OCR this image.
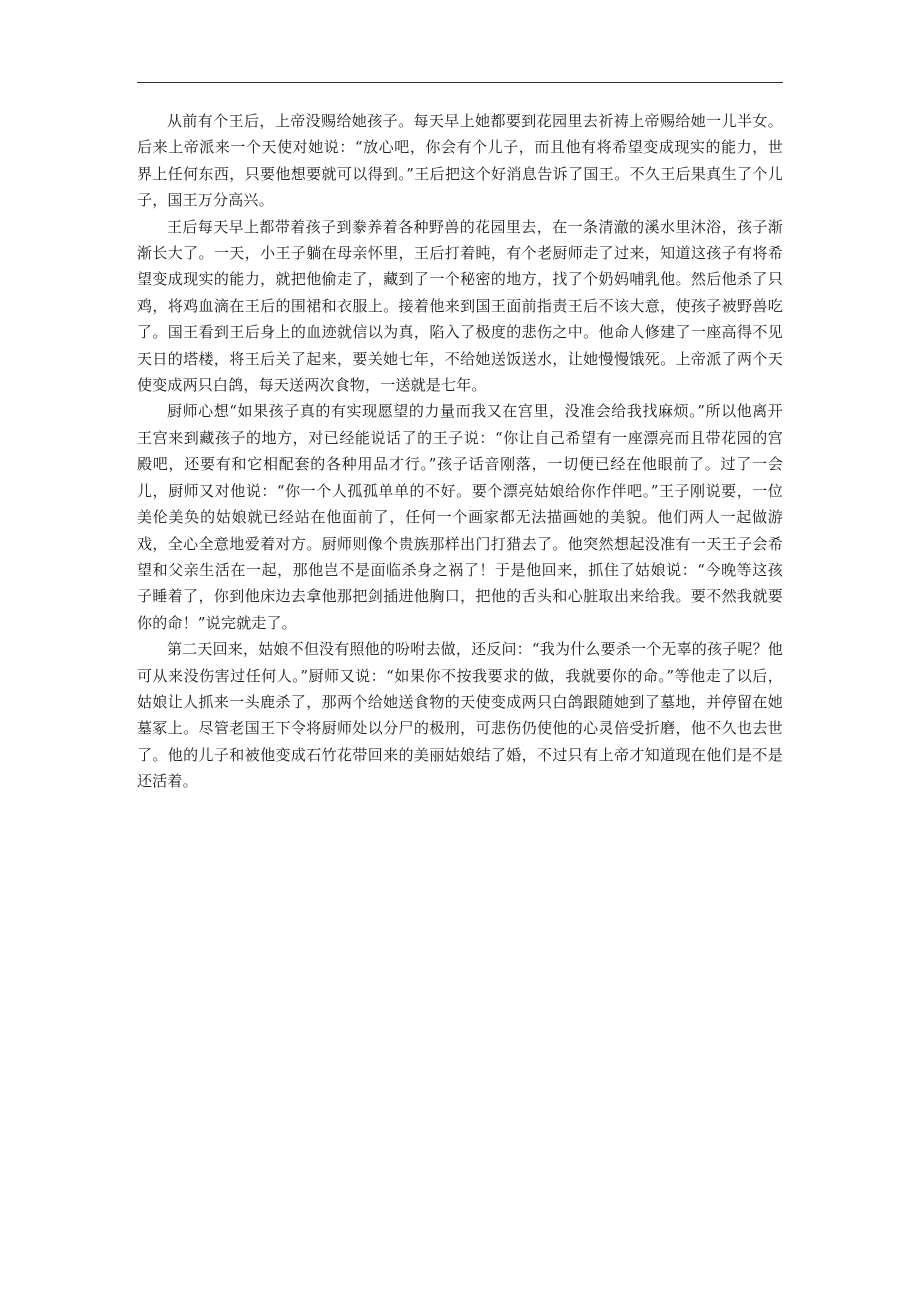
从前有个王后，上帝没赐给她孩子。每天早上她都要到花园里去祈祷上帝赐给她一儿半女。后来上帝派来一个天使对她说：“放心吧，你会有个儿子，而且他有将希望变成现实的能力，世界上任何东西，只要他想要就可以得到。”王后把这个好消息告诉了国王。不久王后果真生了个儿子，国王万分高兴。

王后每天早上都带着孩子到豢养着各种野兽的花园里去，在一条清澈的溪水里沐浴，孩子渐渐长大了。一天，小王子躺在母亲怀里，王后打着盹，有个老厨师走了过来，知道这孩子有将希望变成现实的能力，就把他偷走了，藏到了一个秘密的地方，找了个奶妈哺乳他。然后他杀了只鸡，将鸡血滴在王后的围裙和衣服上。接着他来到国王面前指责王后不该大意，使孩子被野兽吃了。国王看到王后身上的血迹就信以为真，陷入了极度的悲伤之中。他命人修建了一座高得不见天日的塔楼，将王后关了起来，要关她七年，不给她送饭送水，让她慢慢饿死。上帝派了两个天使变成两只白鸽，每天送两次食物，一送就是七年。

厨师心想“如果孩子真的有实现愿望的力量而我又在宫里，没准会给我找麻烦。”所以他离开王宫来到藏孩子的地方，对已经能说话了的王子说：“你让自己希望有一座漂亮而且带花园的宫殿吧，还要有和它相配套的各种用品才行。”孩子话音刚落，一切便已经在他眼前了。过了一会儿，厨师又对他说：“你一个人孤孤单单的不好。要个漂亮姑娘给你作伴吧。”王子刚说要，一位美伦美奂的姑娘就已经站在他面前了，任何一个画家都无法描画她的美貌。他们两人一起做游戏，全心全意地爱着对方。厨师则像个贵族那样出门打猎去了。他突然想起没准有一天王子会希望和父亲生活在一起，那他岂不是面临杀身之祸了！于是他回来，抓住了姑娘说：“今晚等这孩子睡着了，你到他床边去拿他那把剑插进他胸口，把他的舌头和心脏取出来给我。要不然我就要你的命！”说完就走了。

第二天回来，姑娘不但没有照他的吩咐去做，还反问：“我为什么要杀一个无辜的孩子呢？他可从来没伤害过任何人。”厨师又说：“如果你不按我要求的做，我就要你的命。”等他走了以后，姑娘让人抓来一头鹿杀了，那两个给她送食物的天使变成两只白鸽跟随她到了墓地，并停留在她墓冢上。尽管老国王下令将厨师处以分尸的极刑，可悲伤仍使他的心灵倍受折磨，他不久也去世了。他的儿子和被他变成石竹花带回来的美丽姑娘结了婚，不过只有上帝才知道现在他们是不是还活着。
